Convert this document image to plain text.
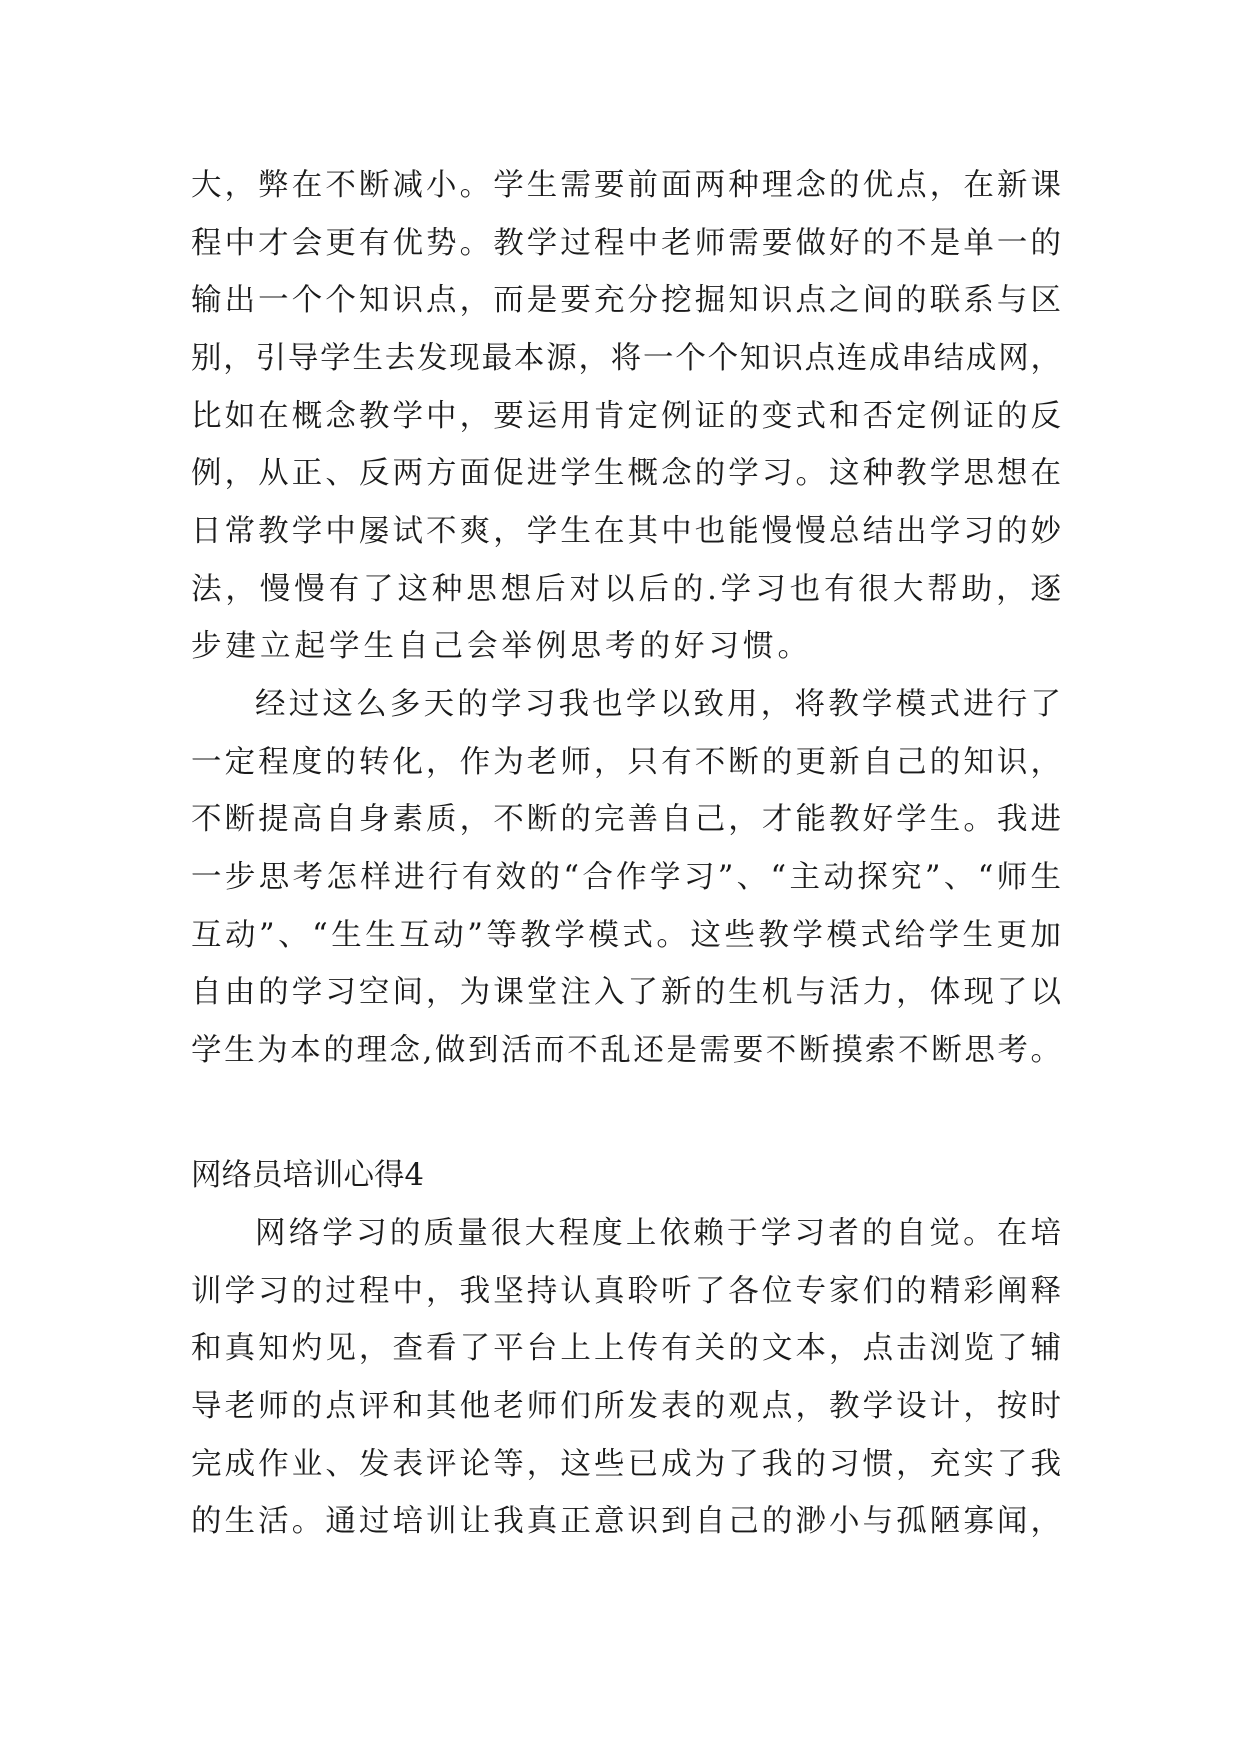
大，弊在不断减小。学生需要前面两种理念的优点，在新课
程中才会更有优势。教学过程中老师需要做好的不是单一的
输出一个个知识点，而是要充分挖掘知识点之间的联系与区
别，引导学生去发现最本源，将一个个知识点连成串结成网，
比如在概念教学中，要运用肯定例证的变式和否定例证的反
例，从正、反两方面促进学生概念的学习。这种教学思想在
日常教学中屡试不爽，学生在其中也能慢慢总结出学习的妙
法，慢慢有了这种思想后对以后的.学习也有很大帮助，逐
步建立起学生自己会举例思考的好习惯。
经过这么多天的学习我也学以致用，将教学模式进行了
一定程度的转化，作为老师，只有不断的更新自己的知识，
不断提高自身素质，不断的完善自己，才能教好学生。我进
一步思考怎样进行有效的“合作学习”、“主动探究”、“师生
互动”、“生生互动”等教学模式。这些教学模式给学生更加
自由的学习空间，为课堂注入了新的生机与活力，体现了以
学生为本的理念,做到活而不乱还是需要不断摸索不断思考。
网络员培训心得4
网络学习的质量很大程度上依赖于学习者的自觉。在培
训学习的过程中，我坚持认真聆听了各位专家们的精彩阐释
和真知灼见，查看了平台上上传有关的文本，点击浏览了辅
导老师的点评和其他老师们所发表的观点，教学设计，按时
完成作业、发表评论等，这些已成为了我的习惯，充实了我
的生活。通过培训让我真正意识到自己的渺小与孤陋寡闻，
